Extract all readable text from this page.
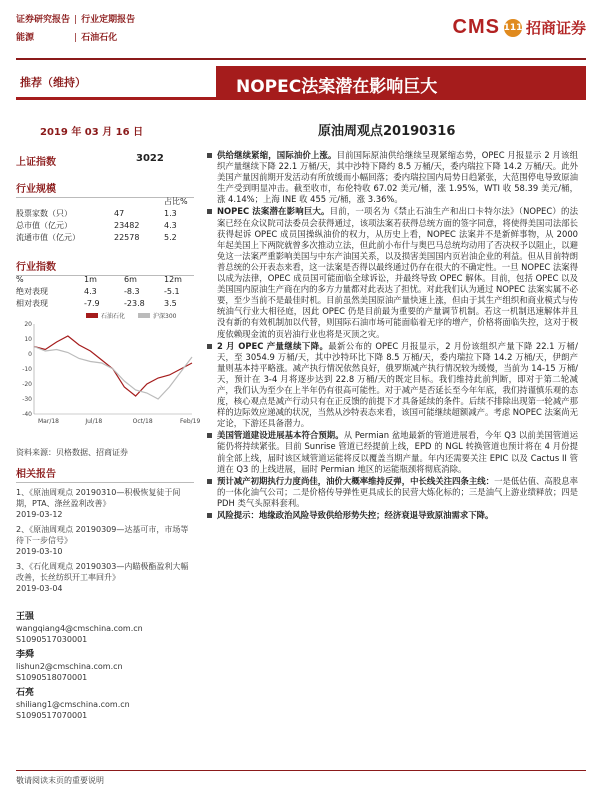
证券研究报告 | 行业定期报告
能源	| 石油石化	CMS 111 招商证券
推荐（维持）	NOPEC法案潜在影响巨大
2019 年 03 月 16 日	原油周观点20190316
上证指数	3022
行业规模
占比%
股票家数（只）	47	1.3
总市值（亿元）	23482	4.3
流通市值（亿元）	22578	5.2
行业指数
%	1m	6m	12m
绝对表现	4.3	-8.3	-5.1
相对表现	-7.9	-23.8 3.5
石油石化	沪深300
20
10
0
-10
-20
-30
-40
Mar/18	Jul/18	Oct/18	Feb/19
资料来源：贝格数据、招商证券
相关报告
1、《原油周观点 20190310—积极恢复徒于间期，PTA、涤丝盈利改善》
2019-03-12
2、《原油周观点 20190309—达基可市，市场等待下一步信号》
2019-03-10
3、《石化周观点 20190303—内瞄极酯盈利大幅改善，长丝纺织开工率回升》
2019-03-04
王强
wangqiang4@cmschina.com.cn
S1090517030001
李舜
lishun2@cmschina.com.cn
S1090518070001
石亮
shiliang1@cmschina.com.cn
S1090517070001
供给继续紧缩，国际油价上涨。目前国际原油供给继续呈现紧缩态势，OPEC 月报显示 2 月该组织产量继续下降 22.1 万桶/天，其中沙特下降约 8.5 万桶/天，委内瑞拉下降 14.2 万桶/天。此外美国产量因前期开发活动有所放缓而小幅回落；委内瑞拉国内局势日趋紧张，大范围停电导致原油生产受到明显冲击。截至收市，布伦特收 67.02 美元/桶，涨 1.95%，WTI 收 58.39 美元/桶，涨 4.14%；上海 INE 收 455 元/桶，涨 3.36%。
NOPEC 法案潜在影响巨大。目前，一项名为《禁止石油生产和出口卡特尔法》（NOPEC）的法案已经在众议院司法委员会获得通过，该项法案若获得总统方面的签字同意，将使得美国司法部长获得起诉 OPEC 成员国操纵油价的权力，从历史上看，NOPEC 法案并不是新鲜事物，从 2000 年起美国上下两院就曾多次推动立法，但此前小布什与奥巴马总统均动用了否决权予以阻止，以避免这一法案严重影响美国与中东产油国关系，以及损害美国国内页岩油企业的利益。但从目前特朗普总统的公开表态来看，这一法案是否得以最终通过仍存在很大的不确定性。一旦 NOPEC 法案得以成为法律，OPEC 成员国可能面临全球诉讼，并最终导致 OPEC 解体。目前，包括 OPEC 以及美国国内原油生产商在内的多方力量都对此表达了担忧。对此我们认为通过 NOPEC 法案实属不必要，至少当前不是最佳时机。目前虽然美国原油产量快速上涨，但由于其生产组织和商业模式与传统油气行业大相径庭，因此 OPEC 仍是目前最为重要的产量调节机制。若这一机制迅速解体并且没有新的有效机制加以代替，则国际石油市场可能面临着无序的增产，价格将面临失控，这对于极度依赖现金流的页岩油行业也将是灭顶之灾。
2 月 OPEC 产量继续下降。最新公布的 OPEC 月报显示，2 月份该组织产量下降 22.1 万桶/天，至 3054.9 万桶/天，其中沙特环比下降 8.5 万桶/天，委内瑞拉下降 14.2 万桶/天，伊朗产量则基本持平略涨。减产执行情况依然良好，俄罗斯减产执行情况较为缓慢，当前为 14-15 万桶/天，预计在 3-4 月将逐步达到 22.8 万桶/天的既定目标。我们维持此前判断，即对于第二轮减产，我们认为至少在上半年仍有很高可能性。对于减产是否延长至今年年底，我们持谨慎乐观的态度，核心观点是减产行动只有在正反馈的前提下才具备延续的条件。后续不排除出现第一轮减产那样的边际效应递减的状况，当然从沙特表态来看，该国可能继续超额减产。考虑 NOPEC 法案尚无定论，下游还具备潜力。
美国管道建设进展基本符合预期。从 Permian 盆地最新的管道进展看，今年 Q3 以前美国管道运能仍将持续紧张。目前 Sunrise 管道已经提前上线，EPD 的 NGL 转换管道也预计将在 4 月份提前全部上线，届时该区域管道运能将反以覆盖当期产量。年内还需要关注 EPIC 以及 Cactus II 管道在 Q3 的上线进展，届时 Permian 地区的运能瓶颈将彻底消除。
预计减产初期执行力度尚佳，油价大概率维持反弹，中长线关注四条主线：一是低估值、高股息率的一体化油气公司；二是价格传导弹性更具成长的民营大炼化标的；三是油气上游业绩释放；四是 PDH 类气头原料套利。
风险提示：地缘政治风险导致供给形势失控；经济衰退导致原油需求下降。
敬请阅读末页的重要说明
